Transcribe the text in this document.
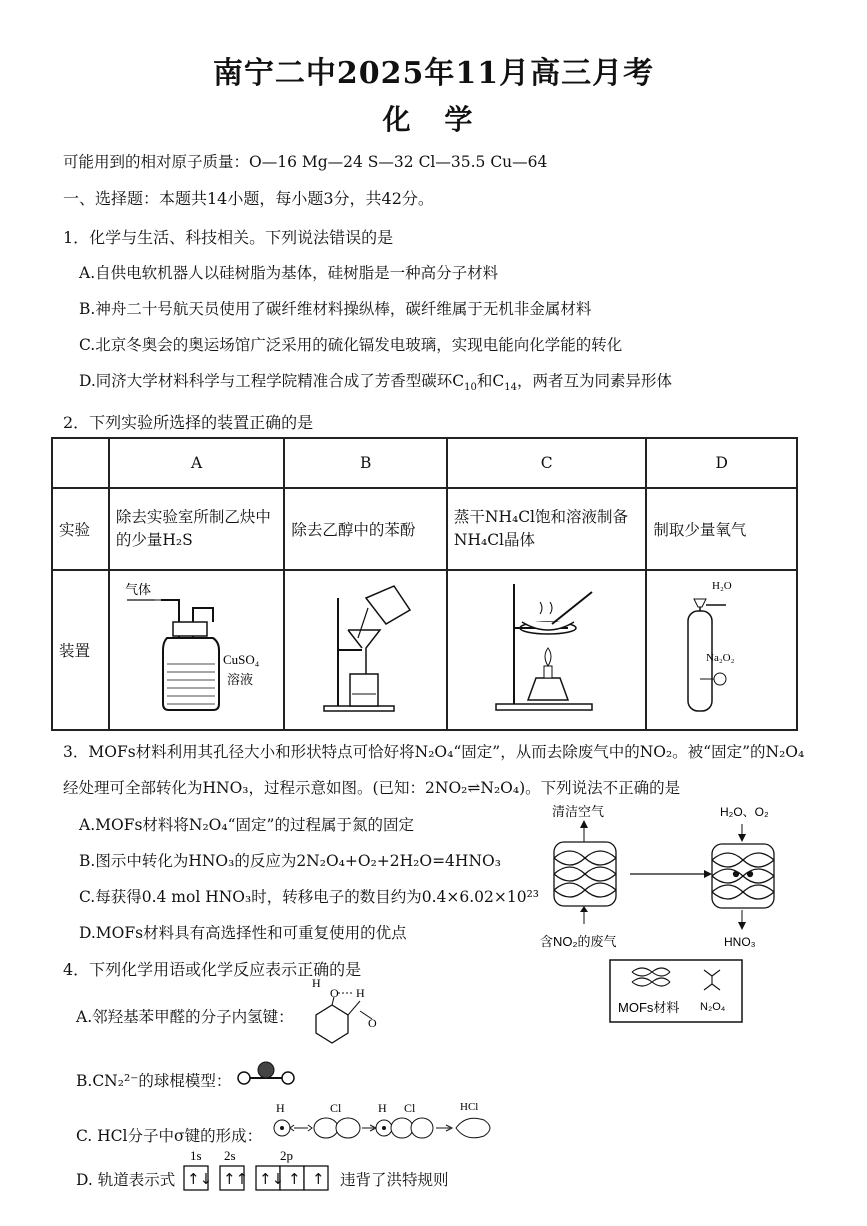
南宁二中2025年11月高三月考
化 学
可能用到的相对原子质量：O—16 Mg—24 S—32 Cl—35.5 Cu—64
一、选择题：本题共14小题，每小题3分，共42分。
1．化学与生活、科技相关。下列说法错误的是
A.自供电软机器人以硅树脂为基体，硅树脂是一种高分子材料
B.神舟二十号航天员使用了碳纤维材料操纵棒，碳纤维属于无机非金属材料
C.北京冬奥会的奥运场馆广泛采用的硫化镉发电玻璃，实现电能向化学能的转化
D.同济大学材料科学与工程学院精准合成了芳香型碳环$C_{10}$和$C_{14}$，两者互为同素异形体
2．下列实验所选择的装置正确的是
	A	B	C	D
实验	除去实验室所制乙炔中的少量H₂S	除去乙醇中的苯酚	蒸干NH₄Cl饱和溶液制备NH₄Cl晶体	制取少量氧气
装置				
气体
CuSO₄
溶液
H₂O
Na₂O₂
3．MOFs材料利用其孔径大小和形状特点可恰好将N₂O₄“固定”，从而去除废气中的NO₂。被“固定”的N₂O₄
经处理可全部转化为HNO₃，过程示意如图。(已知：2NO₂⇌N₂O₄)。下列说法不正确的是
A.MOFs材料将N₂O₄“固定”的过程属于氮的固定
B.图示中转化为HNO₃的反应为2N₂O₄+O₂+2H₂O=4HNO₃
C.每获得0.4 mol HNO₃时，转移电子的数目约为0.4×6.02×10²³
D.MOFs材料具有高选择性和可重复使用的优点
清洁空气
含NO₂的废气
H₂O、O₂
HNO₃
MOFs材料 N₂O₄
4．下列化学用语或化学反应表示正确的是
A.邻羟基苯甲醛的分子内氢键：
H
O H
O
B.CN₂²⁻的球棍模型：
C. HCl分子中σ键的形成：
H	Cl	H Cl	HCl
D. 轨道表示式
1s 2s	2p
↑↓ ↑↑ ↑↓ ↑ ↑ 违背了洪特规则
